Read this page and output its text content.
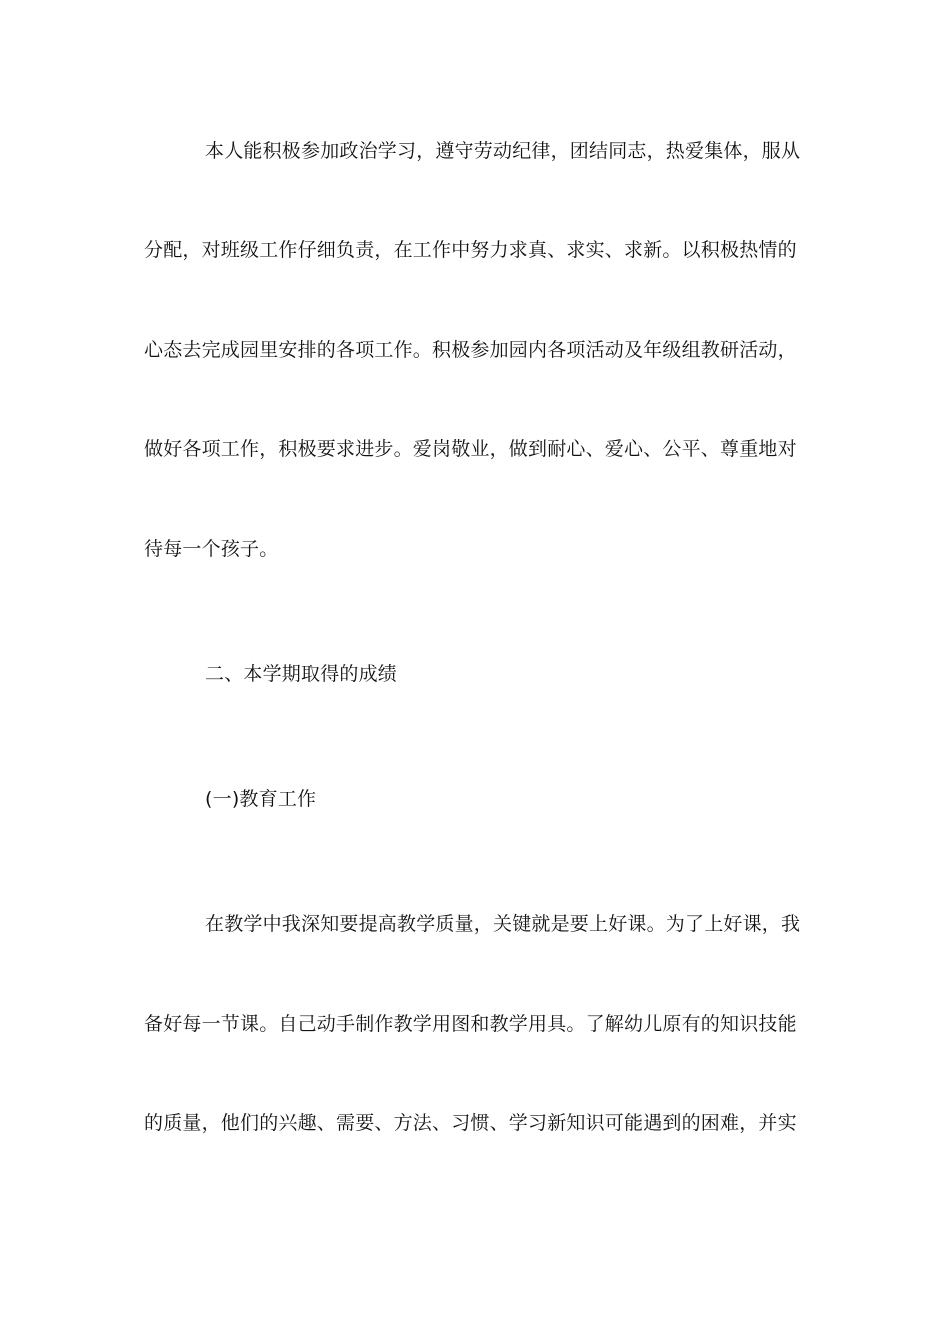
本人能积极参加政治学习，遵守劳动纪律，团结同志，热爱集体，服从
分配，对班级工作仔细负责，在工作中努力求真、求实、求新。以积极热情的
心态去完成园里安排的各项工作。积极参加园内各项活动及年级组教研活动，
做好各项工作，积极要求进步。爱岗敬业，做到耐心、爱心、公平、尊重地对
待每一个孩子。
二、本学期取得的成绩
(一)教育工作
在教学中我深知要提高教学质量，关键就是要上好课。为了上好课，我
备好每一节课。自己动手制作教学用图和教学用具。了解幼儿原有的知识技能
的质量，他们的兴趣、需要、方法、习惯、学习新知识可能遇到的困难，并实
